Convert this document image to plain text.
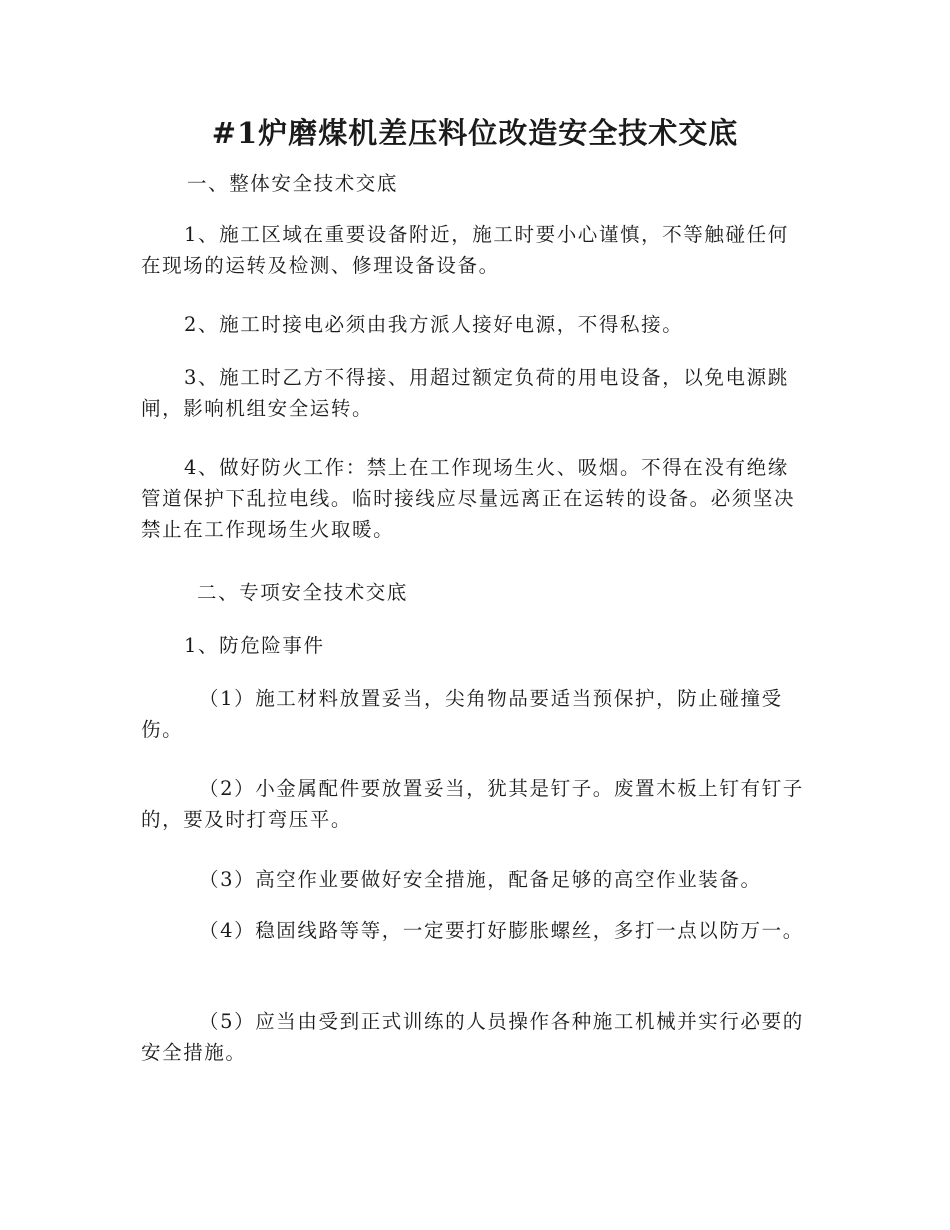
#1炉磨煤机差压料位改造安全技术交底

一、整体安全技术交底

1、施工区域在重要设备附近，施工时要小心谨慎，不等触碰任何在现场的运转及检测、修理设备设备。

2、施工时接电必须由我方派人接好电源，不得私接。

3、施工时乙方不得接、用超过额定负荷的用电设备，以免电源跳闸，影响机组安全运转。

4、做好防火工作：禁上在工作现场生火、吸烟。不得在没有绝缘管道保护下乱拉电线。临时接线应尽量远离正在运转的设备。必须坚决禁止在工作现场生火取暖。

二、专项安全技术交底

1、防危险事件

（1）施工材料放置妥当，尖角物品要适当预保护，防止碰撞受伤。

（2）小金属配件要放置妥当，犹其是钉子。废置木板上钉有钉子的，要及时打弯压平。

（3）高空作业要做好安全措施，配备足够的高空作业装备。

（4）稳固线路等等，一定要打好膨胀螺丝，多打一点以防万一。

（5）应当由受到正式训练的人员操作各种施工机械并实行必要的安全措施。
